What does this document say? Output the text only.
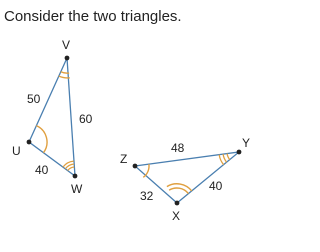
Consider the two triangles.
V
U
W
50
60
40
Z
Y
X
48
40
32
